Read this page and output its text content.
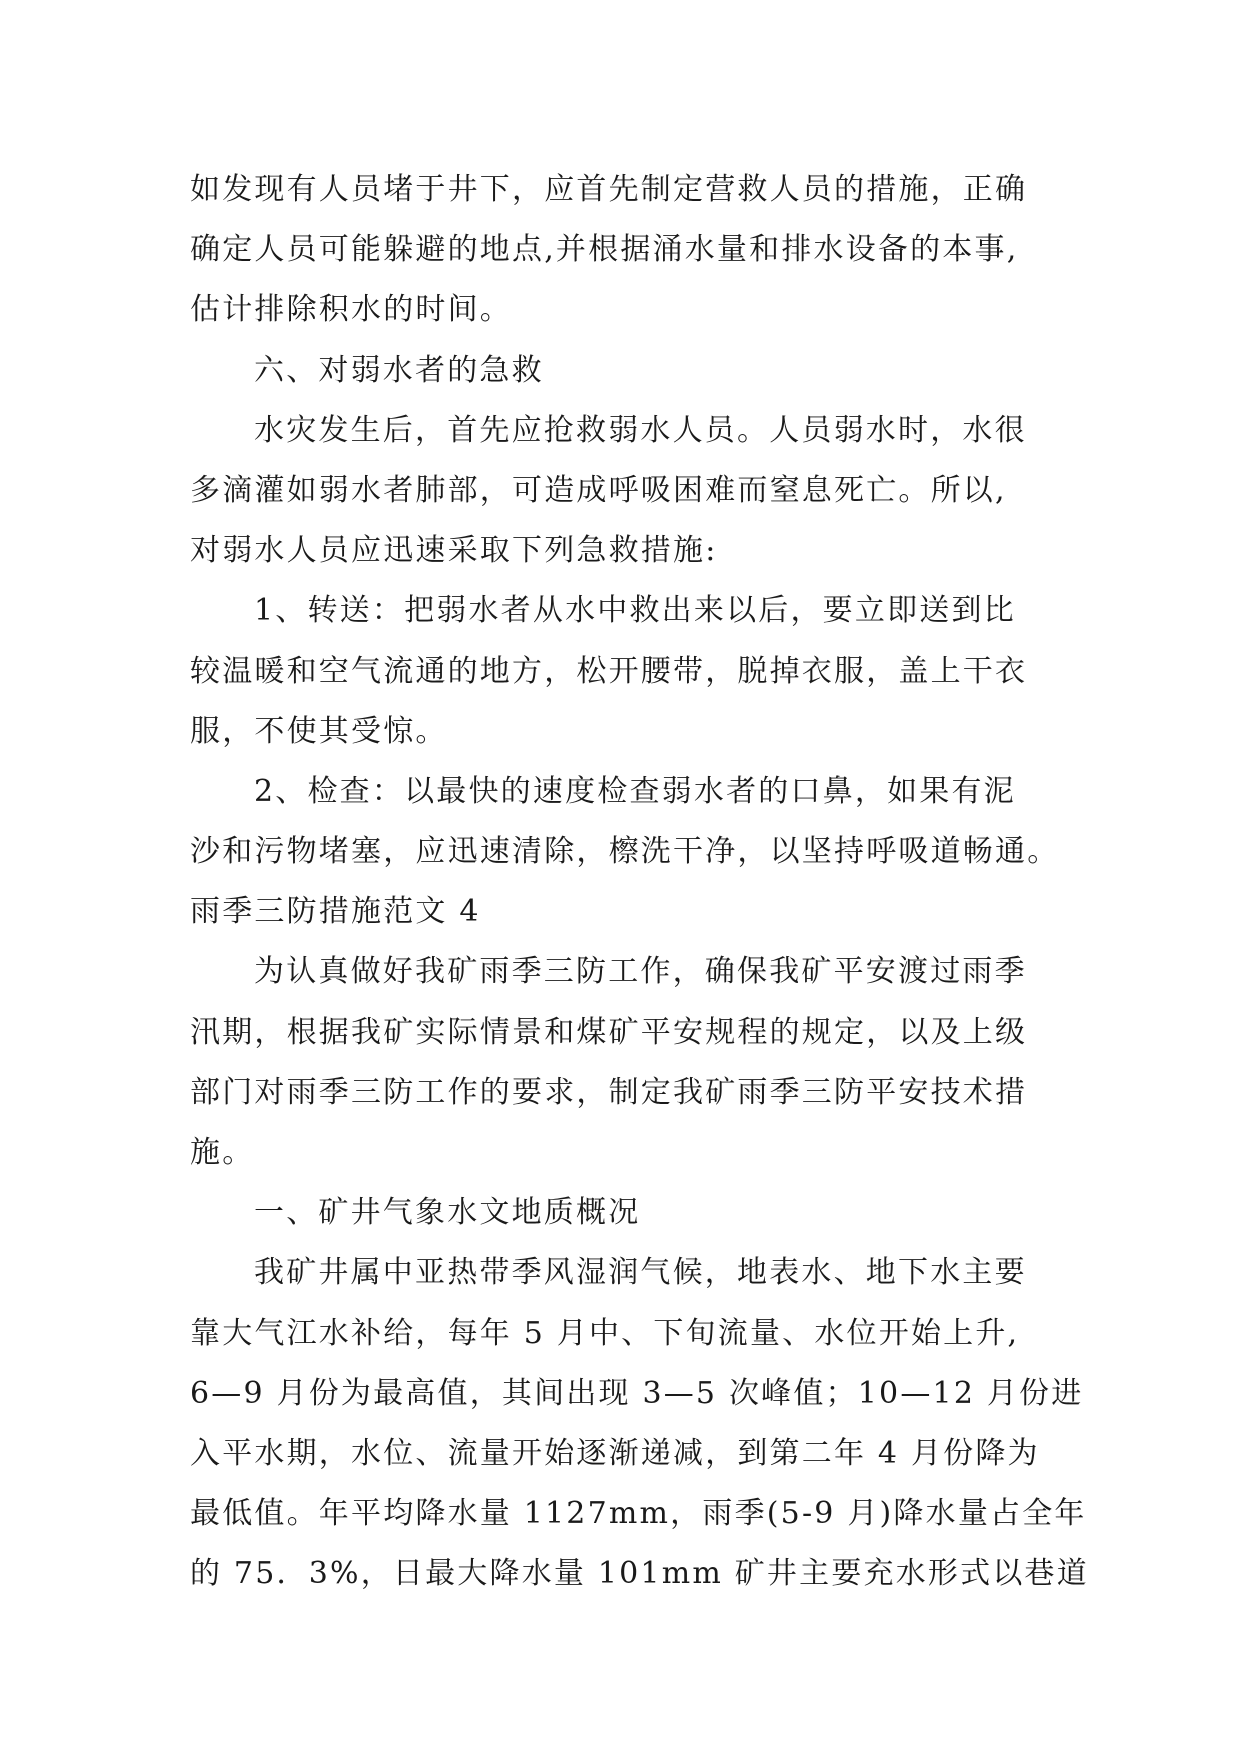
如发现有人员堵于井下，应首先制定营救人员的措施，正确
确定人员可能躲避的地点,并根据涌水量和排水设备的本事,
估计排除积水的时间。
六、对弱水者的急救
水灾发生后，首先应抢救弱水人员。人员弱水时，水很
多滴灌如弱水者肺部，可造成呼吸困难而窒息死亡。所以,
对弱水人员应迅速采取下列急救措施:
1、转送：把弱水者从水中救出来以后，要立即送到比
较温暖和空气流通的地方，松开腰带，脱掉衣服，盖上干衣
服，不使其受惊。
2、检查：以最快的速度检查弱水者的口鼻，如果有泥
沙和污物堵塞，应迅速清除，檫洗干净，以坚持呼吸道畅通。
雨季三防措施范文 4
为认真做好我矿雨季三防工作，确保我矿平安渡过雨季
汛期，根据我矿实际情景和煤矿平安规程的规定，以及上级
部门对雨季三防工作的要求，制定我矿雨季三防平安技术措
施。
一、矿井气象水文地质概况
我矿井属中亚热带季风湿润气候，地表水、地下水主要
靠大气江水补给，每年 5 月中、下旬流量、水位开始上升,
6—9 月份为最高值，其间出现 3—5 次峰值；10—12 月份进
入平水期，水位、流量开始逐渐递减，到第二年 4 月份降为
最低值。年平均降水量 1127mm，雨季(5-9 月)降水量占全年
的 75．3%，日最大降水量 101mm 矿井主要充水形式以巷道
